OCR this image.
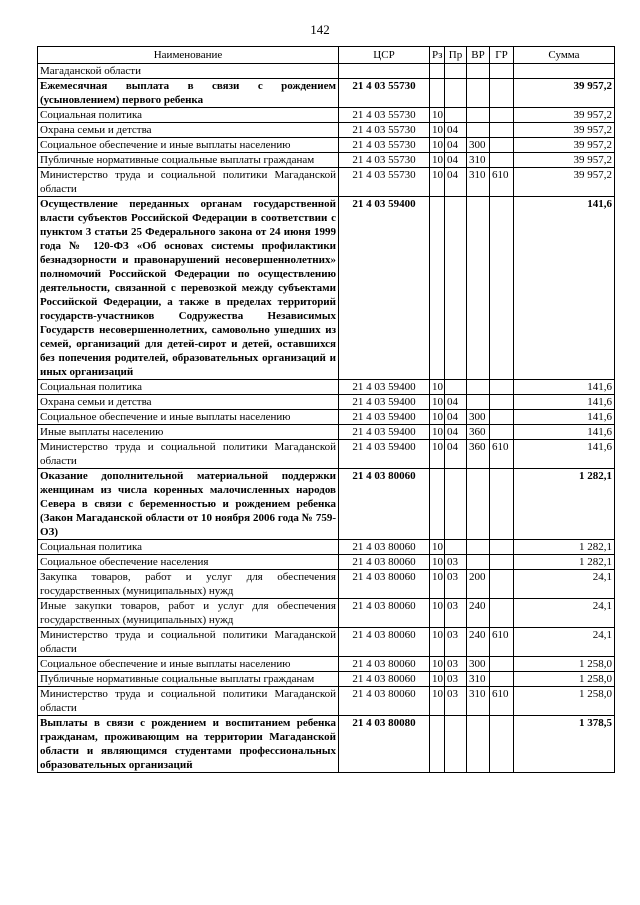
142
Наименование	ЦСР	Рз	Пр	ВР	ГР	Сумма
Магаданской области						
Ежемесячная выплата в связи с рождением (усыновлением) первого ребенка	21 4 03 55730					39 957,2
Социальная политика	21 4 03 55730	10				39 957,2
Охрана семьи и детства	21 4 03 55730	10	04			39 957,2
Социальное обеспечение и иные выплаты населению	21 4 03 55730	10	04	300		39 957,2
Публичные нормативные социальные выплаты гражданам	21 4 03 55730	10	04	310		39 957,2
Министерство труда и социальной политики Магаданской области	21 4 03 55730	10	04	310	610	39 957,2
Осуществление переданных органам государственной власти субъектов Российской Федерации в соответствии с пунктом 3 статьи 25 Федерального закона от 24 июня 1999 года № 120-ФЗ «Об основах системы профилактики безнадзорности и правонарушений несовершеннолетних» полномочий Российской Федерации по осуществлению деятельности, связанной с перевозкой между субъектами Российской Федерации, а также в пределах территорий государств-участников Содружества Независимых Государств несовершеннолетних, самовольно ушедших из семей, организаций для детей-сирот и детей, оставшихся без попечения родителей, образовательных организаций и иных организаций	21 4 03 59400					141,6
Социальная политика	21 4 03 59400	10				141,6
Охрана семьи и детства	21 4 03 59400	10	04			141,6
Социальное обеспечение и иные выплаты населению	21 4 03 59400	10	04	300		141,6
Иные выплаты населению	21 4 03 59400	10	04	360		141,6
Министерство труда и социальной политики Магаданской области	21 4 03 59400	10	04	360	610	141,6
Оказание дополнительной материальной поддержки женщинам из числа коренных малочисленных народов Севера в связи с беременностью и рождением ребенка (Закон Магаданской области от 10 ноября 2006 года № 759-ОЗ)	21 4 03 80060					1 282,1
Социальная политика	21 4 03 80060	10				1 282,1
Социальное обеспечение населения	21 4 03 80060	10	03			1 282,1
Закупка товаров, работ и услуг для обеспечения государственных (муниципальных) нужд	21 4 03 80060	10	03	200		24,1
Иные закупки товаров, работ и услуг для обеспечения государственных (муниципальных) нужд	21 4 03 80060	10	03	240		24,1
Министерство труда и социальной политики Магаданской области	21 4 03 80060	10	03	240	610	24,1
Социальное обеспечение и иные выплаты населению	21 4 03 80060	10	03	300		1 258,0
Публичные нормативные социальные выплаты гражданам	21 4 03 80060	10	03	310		1 258,0
Министерство труда и социальной политики Магаданской области	21 4 03 80060	10	03	310	610	1 258,0
Выплаты в связи с рождением и воспитанием ребенка гражданам, проживающим на территории Магаданской области и являющимся студентами профессиональных образовательных организаций	21 4 03 80080					1 378,5
